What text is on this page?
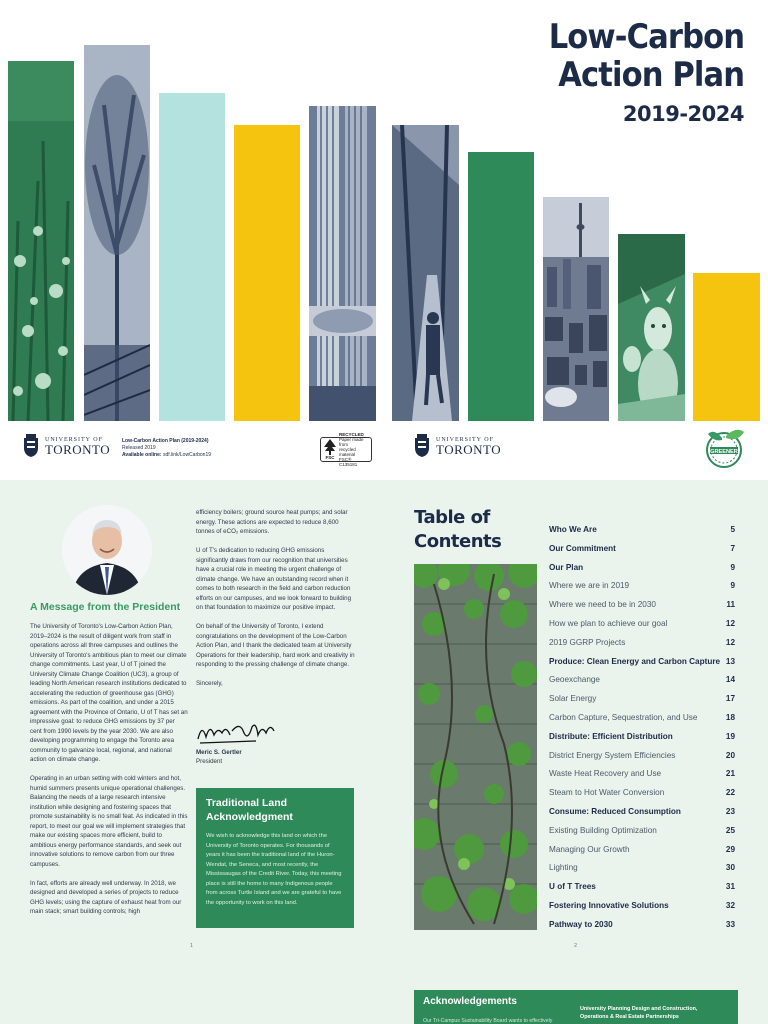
Low-Carbon
Action Plan
2019-2024
UNIVERSITY OF
TORONTO
Low-Carbon Action Plan (2019-2024)
Released 2019
Available online: sdf.link/LowCarbon19	FSC
RECYCLED
Paper made from
recycled material
FSC® C135181
UNIVERSITY OF
TORONTO	GREENER
A Message from the President

The University of Toronto's Low-Carbon Action Plan, 2019–2024 is the result of diligent work from staff in operations across all three campuses and outlines the University of Toronto's ambitious plan to meet our climate change commitments. Last year, U of T joined the University Climate Change Coalition (UC3), a group of leading North American research institutions dedicated to accelerating the reduction of greenhouse gas (GHG) emissions. As part of the coalition, and under a 2015 agreement with the Province of Ontario, U of T has set an impressive goal: to reduce GHG emissions by 37 per cent from 1990 levels by the year 2030. We are also developing programming to engage the Toronto area community to galvanize local, regional, and national action on climate change.

Operating in an urban setting with cold winters and hot, humid summers presents unique operational challenges. Balancing the needs of a large research intensive institution while designing and fostering spaces that promote sustainability is no small feat. As indicated in this report, to meet our goal we will implement strategies that make our existing spaces more efficient, build to ambitious energy performance standards, and seek out innovative solutions to remove carbon from our three campuses.

In fact, efforts are already well underway. In 2018, we designed and developed a series of projects to reduce GHG levels; using the capture of exhaust heat from our main stack; smart building controls; high

efficiency boilers; ground source heat pumps; and solar energy. These actions are expected to reduce 8,600 tonnes of eCO₂ emissions.

U of T's dedication to reducing GHG emissions significantly draws from our recognition that universities have a crucial role in meeting the urgent challenge of climate change. We have an outstanding record when it comes to both research in the field and carbon reduction efforts on our campuses, and we look forward to building on that foundation to maximize our positive impact.

On behalf of the University of Toronto, I extend congratulations on the development of the Low-Carbon Action Plan, and I thank the dedicated team at University Operations for their leadership, hard work and creativity in responding to the pressing challenge of climate change.

Sincerely,

Meric S. Gertler
President
Traditional Land Acknowledgment

We wish to acknowledge this land on which the University of Toronto operates. For thousands of years it has been the traditional land of the Huron-Wendat, the Seneca, and most recently, the Mississaugas of the Credit River. Today, this meeting place is still the home to many Indigenous people from across Turtle Island and we are grateful to have the opportunity to work on this land.

1
Table of
Contents
Who We Are	5
Our Commitment	7
Our Plan	9
Where we are in 2019	9
Where we need to be in 2030	11
How we plan to achieve our goal	12
2019 GGRP Projects	12
Produce: Clean Energy and Carbon Capture 13
Geoexchange	14
Solar Energy	17
Carbon Capture, Sequestration, and Use	18
Distribute: Efficient Distribution	19
District Energy System Efficiencies	20
Waste Heat Recovery and Use	21
Steam to Hot Water Conversion	22
Consume: Reduced Consumption	23
Existing Building Optimization	25
Managing Our Growth	29
Lighting	30
U of T Trees	31
Fostering Innovative Solutions	32
Pathway to 2030	33
2
Acknowledgements
University Planning Design and Construction,
Operations & Real Estate Partnerships
Our Tri-Campus Sustainability Board wants to effectively
